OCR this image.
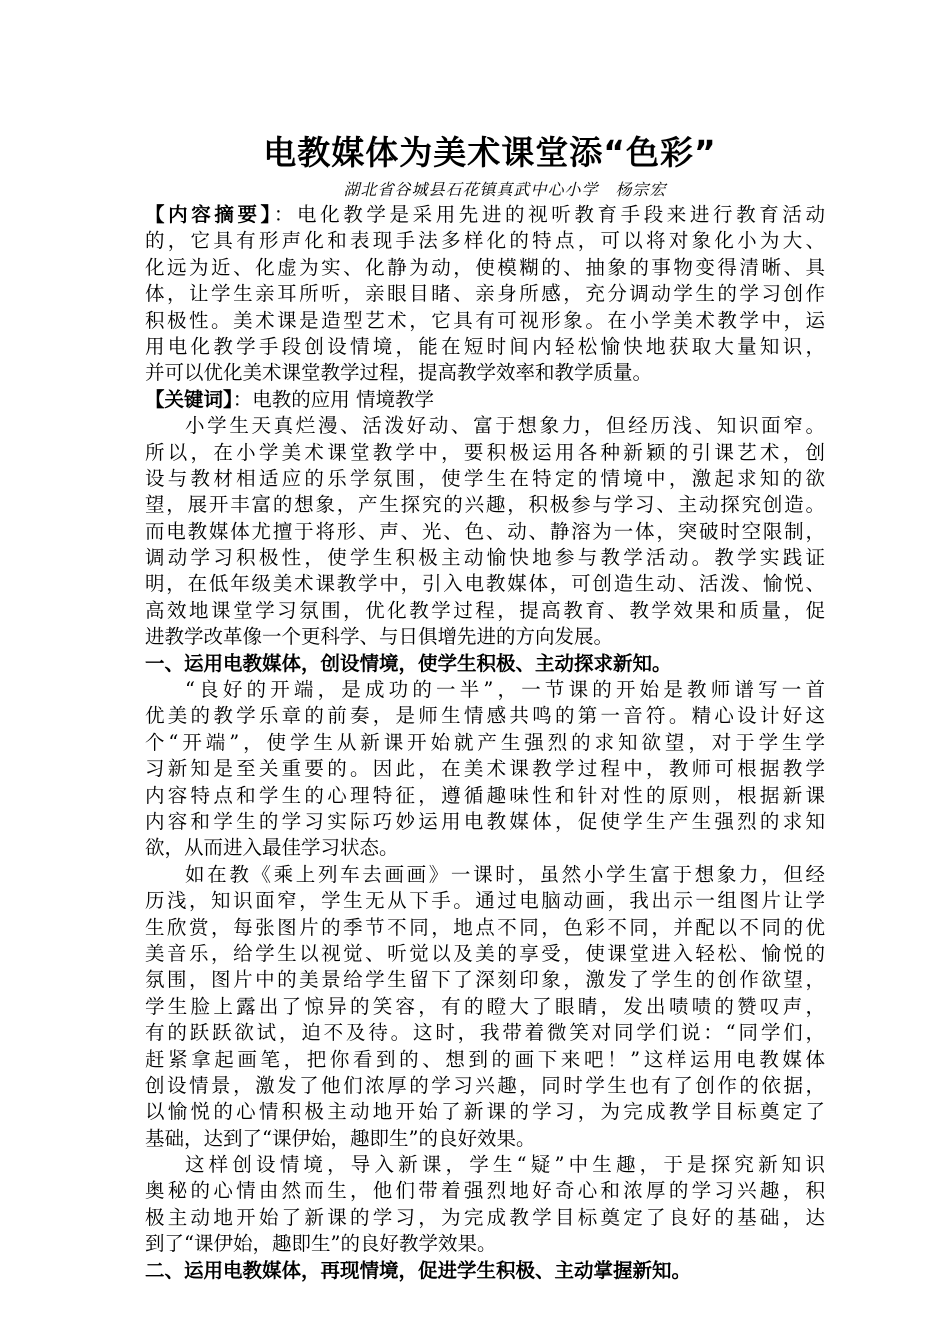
电教媒体为美术课堂添“色彩”

湖北省谷城县石花镇真武中心小学　杨宗宏

【内容摘要】：电化教学是采用先进的视听教育手段来进行教育活动
的，它具有形声化和表现手法多样化的特点，可以将对象化小为大、
化远为近、化虚为实、化静为动，使模糊的、抽象的事物变得清晰、具
体，让学生亲耳所听，亲眼目睹、亲身所感，充分调动学生的学习创作
积极性。美术课是造型艺术，它具有可视形象。在小学美术教学中，运
用电化教学手段创设情境，能在短时间内轻松愉快地获取大量知识，
并可以优化美术课堂教学过程，提高教学效率和教学质量。
【关键词】：电教的应用 情境教学
小学生天真烂漫、活泼好动、富于想象力，但经历浅、知识面窄。
所以，在小学美术课堂教学中，要积极运用各种新颖的引课艺术，创
设与教材相适应的乐学氛围，使学生在特定的情境中，激起求知的欲
望，展开丰富的想象，产生探究的兴趣，积极参与学习、主动探究创造。
而电教媒体尤擅于将形、声、光、色、动、静溶为一体，突破时空限制，
调动学习积极性，使学生积极主动愉快地参与教学活动。教学实践证
明，在低年级美术课教学中，引入电教媒体，可创造生动、活泼、愉悦、
高效地课堂学习氛围，优化教学过程，提高教育、教学效果和质量，促
进教学改革像一个更科学、与日俱增先进的方向发展。
一、运用电教媒体，创设情境，使学生积极、主动探求新知。
“良好的开端，是成功的一半”，一节课的开始是教师谱写一首
优美的教学乐章的前奏，是师生情感共鸣的第一音符。精心设计好这
个“开端”，使学生从新课开始就产生强烈的求知欲望，对于学生学
习新知是至关重要的。因此，在美术课教学过程中，教师可根据教学
内容特点和学生的心理特征，遵循趣味性和针对性的原则，根据新课
内容和学生的学习实际巧妙运用电教媒体，促使学生产生强烈的求知
欲，从而进入最佳学习状态。
如在教《乘上列车去画画》一课时，虽然小学生富于想象力，但经
历浅，知识面窄，学生无从下手。通过电脑动画，我出示一组图片让学
生欣赏，每张图片的季节不同，地点不同，色彩不同，并配以不同的优
美音乐，给学生以视觉、听觉以及美的享受，使课堂进入轻松、愉悦的
氛围，图片中的美景给学生留下了深刻印象，激发了学生的创作欲望，
学生脸上露出了惊异的笑容，有的瞪大了眼睛，发出啧啧的赞叹声，
有的跃跃欲试，迫不及待。这时，我带着微笑对同学们说：“同学们，
赶紧拿起画笔，把你看到的、想到的画下来吧！”这样运用电教媒体
创设情景，激发了他们浓厚的学习兴趣，同时学生也有了创作的依据，
以愉悦的心情积极主动地开始了新课的学习，为完成教学目标奠定了
基础，达到了“课伊始，趣即生”的良好效果。
这样创设情境，导入新课，学生“疑”中生趣，于是探究新知识
奥秘的心情由然而生，他们带着强烈地好奇心和浓厚的学习兴趣，积
极主动地开始了新课的学习，为完成教学目标奠定了良好的基础，达
到了“课伊始，趣即生”的良好教学效果。
二、运用电教媒体，再现情境，促进学生积极、主动掌握新知。
